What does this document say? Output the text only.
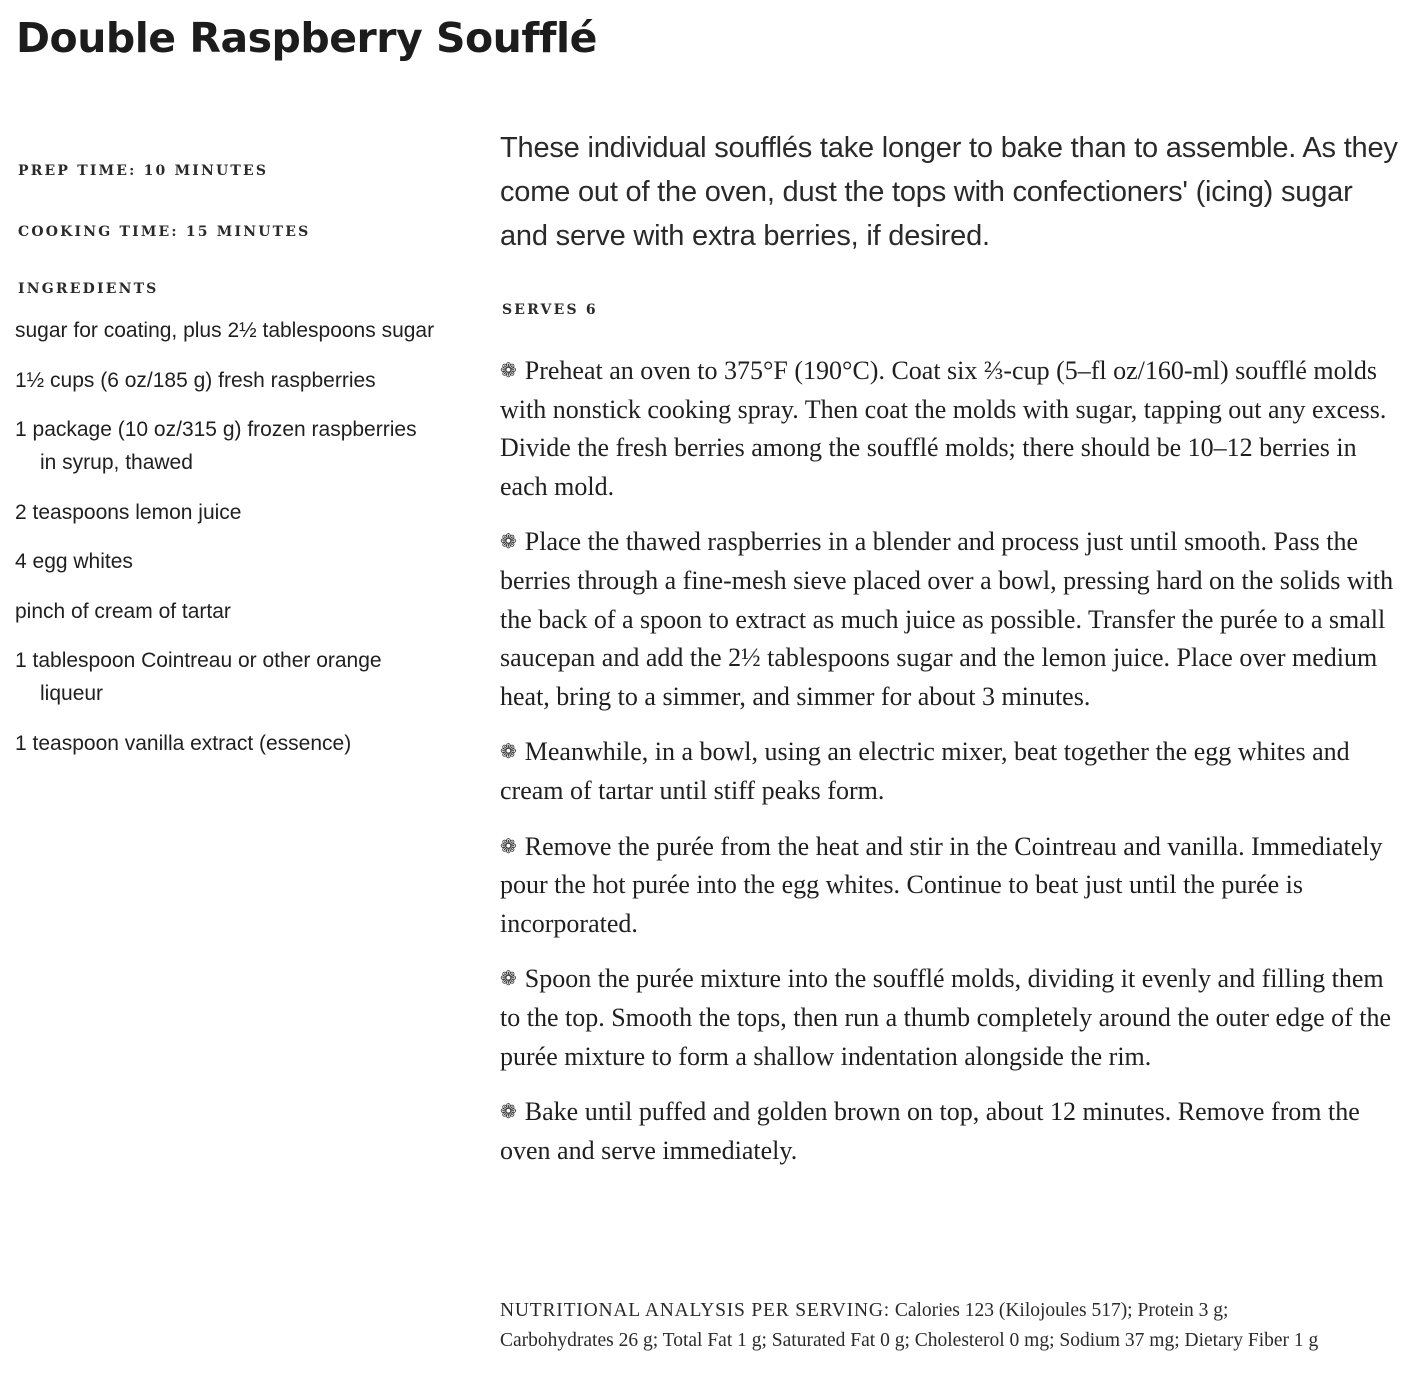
Double Raspberry Soufflé

PREP TIME: 10 MINUTES

COOKING TIME: 15 MINUTES

INGREDIENTS

sugar for coating, plus 2½ tablespoons sugar
1½ cups (6 oz/185 g) fresh raspberries
1 package (10 oz/315 g) frozen raspberries in syrup, thawed
2 teaspoons lemon juice
4 egg whites
pinch of cream of tartar
1 tablespoon Cointreau or other orange liqueur
1 teaspoon vanilla extract (essence)

These individual soufflés take longer to bake than to assemble. As they come out of the oven, dust the tops with confectioners' (icing) sugar and serve with extra berries, if desired.

SERVES 6

❁ Preheat an oven to 375°F (190°C). Coat six ⅔-cup (5–fl oz/160-ml) soufflé molds with nonstick cooking spray. Then coat the molds with sugar, tapping out any excess. Divide the fresh berries among the soufflé molds; there should be 10–12 berries in each mold.
❁ Place the thawed raspberries in a blender and process just until smooth. Pass the berries through a fine-mesh sieve placed over a bowl, pressing hard on the solids with the back of a spoon to extract as much juice as possible. Transfer the purée to a small saucepan and add the 2½ tablespoons sugar and the lemon juice. Place over medium heat, bring to a simmer, and simmer for about 3 minutes.
❁ Meanwhile, in a bowl, using an electric mixer, beat together the egg whites and cream of tartar until stiff peaks form.
❁ Remove the purée from the heat and stir in the Cointreau and vanilla. Immediately pour the hot purée into the egg whites. Continue to beat just until the purée is incorporated.
❁ Spoon the purée mixture into the soufflé molds, dividing it evenly and filling them to the top. Smooth the tops, then run a thumb completely around the outer edge of the purée mixture to form a shallow indentation alongside the rim.
❁ Bake until puffed and golden brown on top, about 12 minutes. Remove from the oven and serve immediately.

NUTRITIONAL ANALYSIS PER SERVING: Calories 123 (Kilojoules 517); Protein 3 g; Carbohydrates 26 g; Total Fat 1 g; Saturated Fat 0 g; Cholesterol 0 mg; Sodium 37 mg; Dietary Fiber 1 g
